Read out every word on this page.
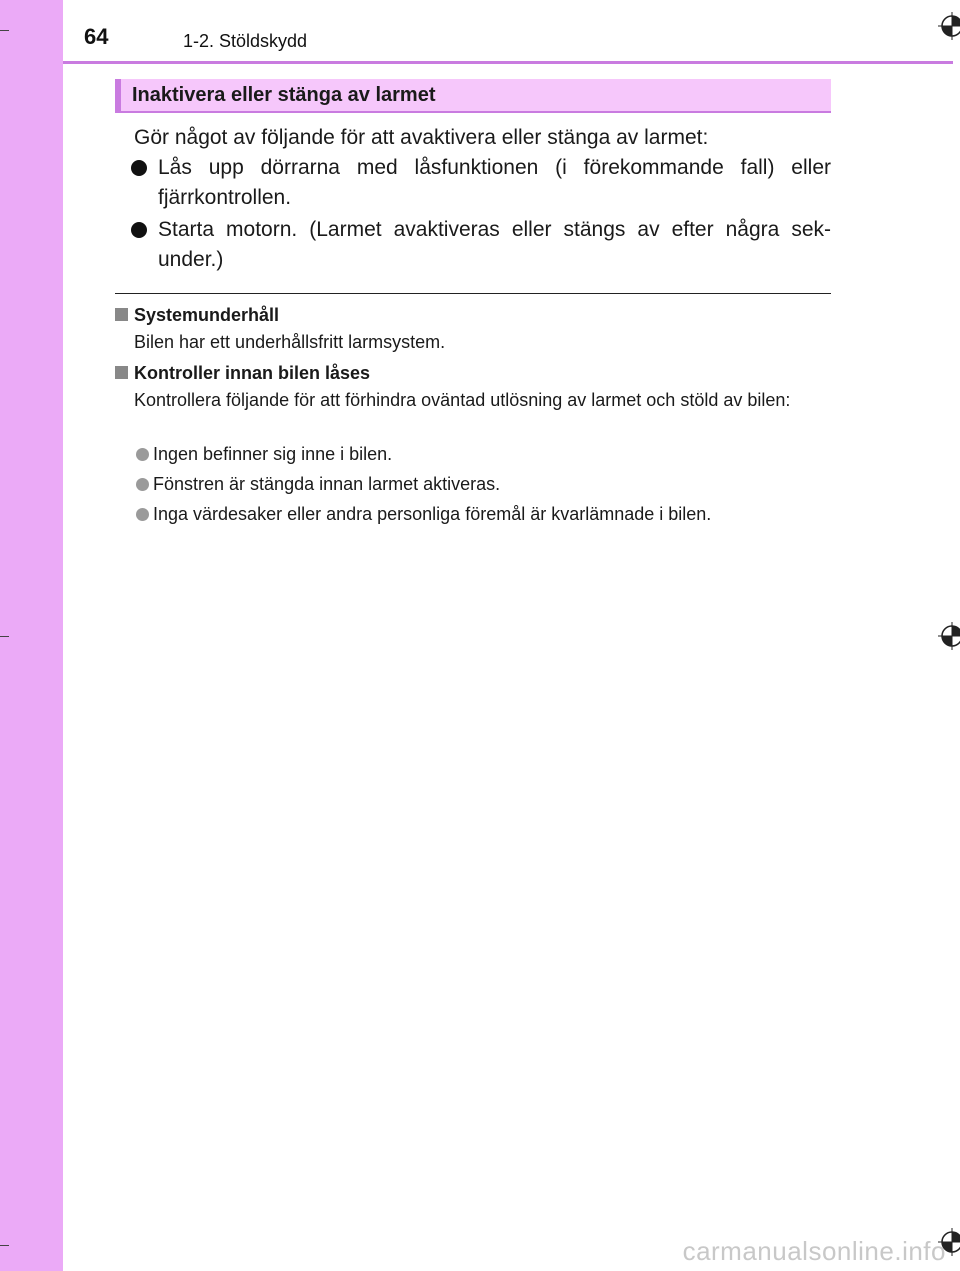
64	1-2. Stöldskydd
Inaktivera eller stänga av larmet
Gör något av följande för att avaktivera eller stänga av larmet:
Lås upp dörrarna med låsfunktionen (i förekommande fall) eller fjärrkontrollen.
Starta motorn. (Larmet avaktiveras eller stängs av efter några sek-under.)
Systemunderhåll
Bilen har ett underhållsfritt larmsystem.
Kontroller innan bilen låses
Kontrollera följande för att förhindra oväntad utlösning av larmet och stöld av bilen:
Ingen befinner sig inne i bilen.
Fönstren är stängda innan larmet aktiveras.
Inga värdesaker eller andra personliga föremål är kvarlämnade i bilen.
carmanualsonline.info
